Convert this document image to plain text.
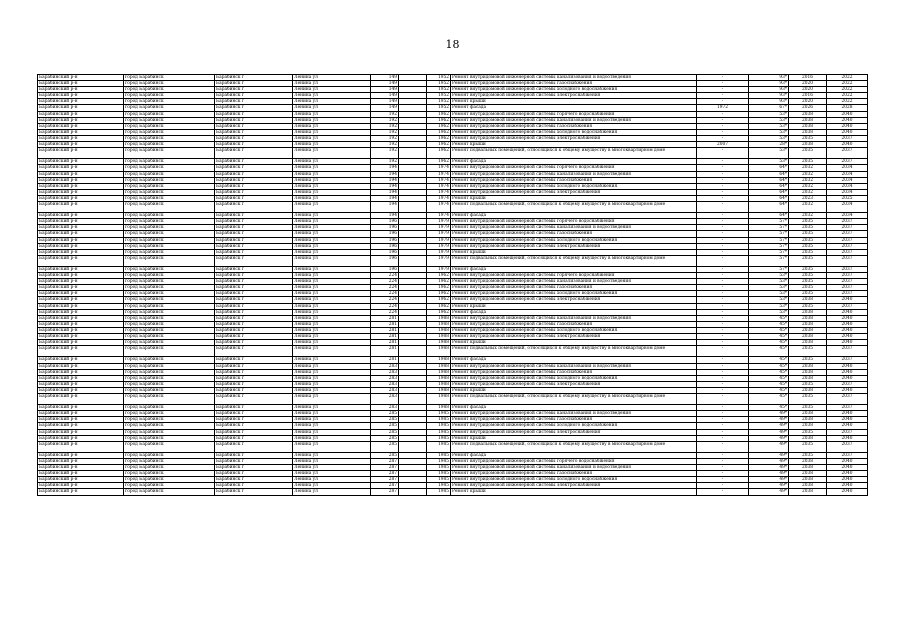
18
Барабинский р-н	город Барабинск	Барабинск г	Ленина ул	149		1952	Ремонт внутридомовой инженерной системы канализования и водоотведения	-	93*	2016	2022
Барабинский р-н	город Барабинск	Барабинск г	Ленина ул	149		1952	Ремонт внутридомовой инженерной системы газоснабжения	-	93*	2020	2022
Барабинский р-н	город Барабинск	Барабинск г	Ленина ул	149		1952	Ремонт внутридомовой инженерной системы холодного водоснабжения	-	93*	2020	2022
Барабинский р-н	город Барабинск	Барабинск г	Ленина ул	149		1952	Ремонт внутридомовой инженерной системы электроснабжения	-	93*	2016	2022
Барабинский р-н	город Барабинск	Барабинск г	Ленина ул	149		1952	Ремонт крыши	-	93*	2020	2022
Барабинский р-н	город Барабинск	Барабинск г	Ленина ул	149		1952	Ремонт фасада	1972	67*	2026	2028
Барабинский р-н	город Барабинск	Барабинск г	Ленина ул	192		1962	Ремонт внутридомовой инженерной системы горячего водоснабжения	-	53*	2038	2040
Барабинский р-н	город Барабинск	Барабинск г	Ленина ул	192		1962	Ремонт внутридомовой инженерной системы канализования и водоотведения	-	53*	2038	2040
Барабинский р-н	город Барабинск	Барабинск г	Ленина ул	192		1962	Ремонт внутридомовой инженерной системы газоснабжения	-	53*	2038	2040
Барабинский р-н	город Барабинск	Барабинск г	Ленина ул	192		1962	Ремонт внутридомовой инженерной системы холодного водоснабжения	-	53*	2038	2040
Барабинский р-н	город Барабинск	Барабинск г	Ленина ул	192		1962	Ремонт внутридомовой инженерной системы электроснабжения	-	53*	2035	2037
Барабинский р-н	город Барабинск	Барабинск г	Ленина ул	192		1962	Ремонт крыши	2007	28*	2038	2040
Барабинский р-н	город Барабинск	Барабинск г	Ленина ул	192		1962	Ремонт подвальных помещений, относящихся к общему имуществу в многоквартирном доме	-	53*	2035	2037
Барабинский р-н	город Барабинск	Барабинск г	Ленина ул	192		1962	Ремонт фасада	-	53*	2035	2037
Барабинский р-н	город Барабинск	Барабинск г	Ленина ул	194		1974	Ремонт внутридомовой инженерной системы горячего водоснабжения	-	64*	2032	2034
Барабинский р-н	город Барабинск	Барабинск г	Ленина ул	194		1974	Ремонт внутридомовой инженерной системы канализования и водоотведения	-	64*	2032	2034
Барабинский р-н	город Барабинск	Барабинск г	Ленина ул	194		1974	Ремонт внутридомовой инженерной системы газоснабжения	-	64*	2032	2034
Барабинский р-н	город Барабинск	Барабинск г	Ленина ул	194		1974	Ремонт внутридомовой инженерной системы холодного водоснабжения	-	64*	2032	2034
Барабинский р-н	город Барабинск	Барабинск г	Ленина ул	194		1974	Ремонт внутридомовой инженерной системы электроснабжения	-	64*	2032	2034
Барабинский р-н	город Барабинск	Барабинск г	Ленина ул	194		1974	Ремонт крыши	-	64*	2023	2025
Барабинский р-н	город Барабинск	Барабинск г	Ленина ул	194		1974	Ремонт подвальных помещений, относящихся к общему имуществу в многоквартирном доме	-	64*	2032	2034
Барабинский р-н	город Барабинск	Барабинск г	Ленина ул	194		1974	Ремонт фасада	-	64*	2032	2034
Барабинский р-н	город Барабинск	Барабинск г	Ленина ул	196		1979	Ремонт внутридомовой инженерной системы горячего водоснабжения	-	57*	2035	2037
Барабинский р-н	город Барабинск	Барабинск г	Ленина ул	196		1979	Ремонт внутридомовой инженерной системы канализования и водоотведения	-	57*	2035	2037
Барабинский р-н	город Барабинск	Барабинск г	Ленина ул	196		1979	Ремонт внутридомовой инженерной системы газоснабжения	-	57*	2035	2037
Барабинский р-н	город Барабинск	Барабинск г	Ленина ул	196		1979	Ремонт внутридомовой инженерной системы холодного водоснабжения	-	57*	2035	2037
Барабинский р-н	город Барабинск	Барабинск г	Ленина ул	196		1979	Ремонт внутридомовой инженерной системы электроснабжения	-	57*	2035	2037
Барабинский р-н	город Барабинск	Барабинск г	Ленина ул	196		1979	Ремонт крыши	-	57*	2035	2037
Барабинский р-н	город Барабинск	Барабинск г	Ленина ул	196		1979	Ремонт подвальных помещений, относящихся к общему имуществу в многоквартирном доме	-	57*	2035	2037
Барабинский р-н	город Барабинск	Барабинск г	Ленина ул	196		1979	Ремонт фасада	-	57*	2035	2037
Барабинский р-н	город Барабинск	Барабинск г	Ленина ул	224		1962	Ремонт внутридомовой инженерной системы горячего водоснабжения	-	53*	2035	2037
Барабинский р-н	город Барабинск	Барабинск г	Ленина ул	224		1962	Ремонт внутридомовой инженерной системы канализования и водоотведения	-	53*	2035	2037
Барабинский р-н	город Барабинск	Барабинск г	Ленина ул	224		1962	Ремонт внутридомовой инженерной системы газоснабжения	-	53*	2035	2037
Барабинский р-н	город Барабинск	Барабинск г	Ленина ул	224		1962	Ремонт внутридомовой инженерной системы холодного водоснабжения	-	53*	2035	2037
Барабинский р-н	город Барабинск	Барабинск г	Ленина ул	224		1962	Ремонт внутридомовой инженерной системы электроснабжения	-	53*	2038	2040
Барабинский р-н	город Барабинск	Барабинск г	Ленина ул	224		1962	Ремонт крыши	-	53*	2035	2037
Барабинский р-н	город Барабинск	Барабинск г	Ленина ул	224		1962	Ремонт фасада	-	53*	2038	2040
Барабинский р-н	город Барабинск	Барабинск г	Ленина ул	281		1988	Ремонт внутридомовой инженерной системы канализования и водоотведения	-	45*	2038	2040
Барабинский р-н	город Барабинск	Барабинск г	Ленина ул	281		1988	Ремонт внутридомовой инженерной системы газоснабжения	-	45*	2038	2040
Барабинский р-н	город Барабинск	Барабинск г	Ленина ул	281		1988	Ремонт внутридомовой инженерной системы холодного водоснабжения	-	45*	2038	2040
Барабинский р-н	город Барабинск	Барабинск г	Ленина ул	281		1988	Ремонт внутридомовой инженерной системы электроснабжения	-	45*	2038	2040
Барабинский р-н	город Барабинск	Барабинск г	Ленина ул	281		1988	Ремонт крыши	-	45*	2038	2040
Барабинский р-н	город Барабинск	Барабинск г	Ленина ул	281		1988	Ремонт подвальных помещений, относящихся к общему имуществу в многоквартирном доме	-	45*	2035	2037
Барабинский р-н	город Барабинск	Барабинск г	Ленина ул	281		1988	Ремонт фасада	-	45*	2035	2037
Барабинский р-н	город Барабинск	Барабинск г	Ленина ул	283		1988	Ремонт внутридомовой инженерной системы канализования и водоотведения	-	45*	2038	2040
Барабинский р-н	город Барабинск	Барабинск г	Ленина ул	283		1988	Ремонт внутридомовой инженерной системы газоснабжения	-	45*	2038	2040
Барабинский р-н	город Барабинск	Барабинск г	Ленина ул	283		1988	Ремонт внутридомовой инженерной системы холодного водоснабжения	-	45*	2038	2040
Барабинский р-н	город Барабинск	Барабинск г	Ленина ул	283		1988	Ремонт внутридомовой инженерной системы электроснабжения	-	45*	2035	2037
Барабинский р-н	город Барабинск	Барабинск г	Ленина ул	283		1988	Ремонт крыши	-	45*	2038	2040
Барабинский р-н	город Барабинск	Барабинск г	Ленина ул	283		1988	Ремонт подвальных помещений, относящихся к общему имуществу в многоквартирном доме	-	45*	2035	2037
Барабинский р-н	город Барабинск	Барабинск г	Ленина ул	283		1988	Ремонт фасада	-	45*	2035	2037
Барабинский р-н	город Барабинск	Барабинск г	Ленина ул	285		1985	Ремонт внутридомовой инженерной системы канализования и водоотведения	-	49*	2038	2040
Барабинский р-н	город Барабинск	Барабинск г	Ленина ул	285		1985	Ремонт внутридомовой инженерной системы газоснабжения	-	49*	2038	2040
Барабинский р-н	город Барабинск	Барабинск г	Ленина ул	285		1985	Ремонт внутридомовой инженерной системы холодного водоснабжения	-	49*	2038	2040
Барабинский р-н	город Барабинск	Барабинск г	Ленина ул	285		1985	Ремонт внутридомовой инженерной системы электроснабжения	-	49*	2035	2037
Барабинский р-н	город Барабинск	Барабинск г	Ленина ул	285		1985	Ремонт крыши	-	49*	2038	2040
Барабинский р-н	город Барабинск	Барабинск г	Ленина ул	285		1985	Ремонт подвальных помещений, относящихся к общему имуществу в многоквартирном доме	-	49*	2035	2037
Барабинский р-н	город Барабинск	Барабинск г	Ленина ул	285		1985	Ремонт фасада	-	49*	2035	2037
Барабинский р-н	город Барабинск	Барабинск г	Ленина ул	287		1985	Ремонт внутридомовой инженерной системы горячего водоснабжения	-	49*	2038	2040
Барабинский р-н	город Барабинск	Барабинск г	Ленина ул	287		1985	Ремонт внутридомовой инженерной системы канализования и водоотведения	-	49*	2038	2040
Барабинский р-н	город Барабинск	Барабинск г	Ленина ул	287		1985	Ремонт внутридомовой инженерной системы газоснабжения	-	49*	2038	2040
Барабинский р-н	город Барабинск	Барабинск г	Ленина ул	287		1985	Ремонт внутридомовой инженерной системы холодного водоснабжения	-	49*	2038	2040
Барабинский р-н	город Барабинск	Барабинск г	Ленина ул	287		1985	Ремонт внутридомовой инженерной системы электроснабжения	-	49*	2038	2040
Барабинский р-н	город Барабинск	Барабинск г	Ленина ул	287		1985	Ремонт крыши	-	49*	2038	2040
